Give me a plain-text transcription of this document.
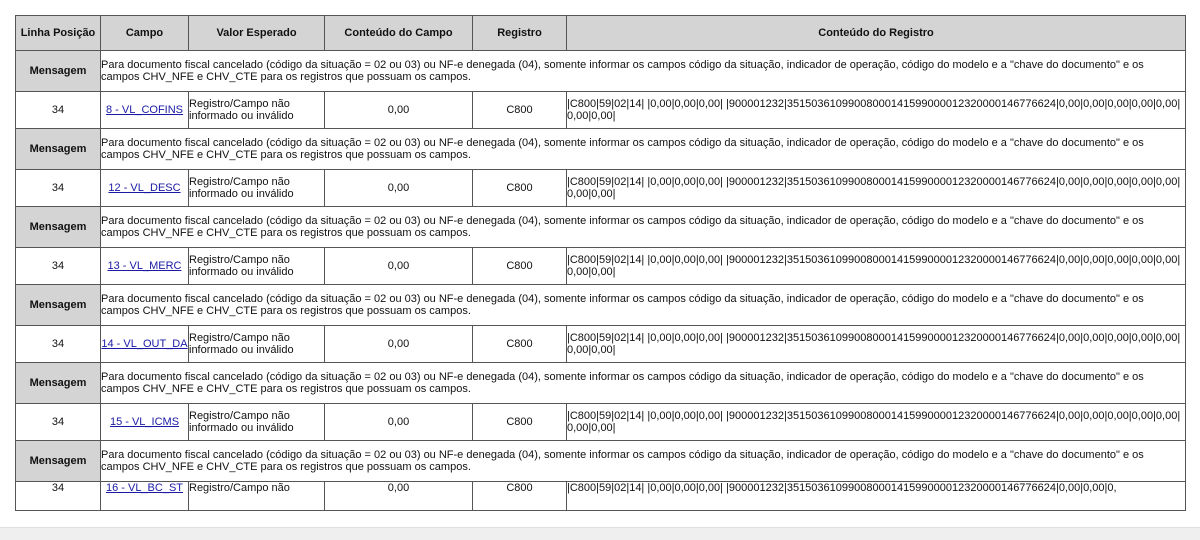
Linha Posição	Campo	Valor Esperado	Conteúdo do Campo	Registro	Conteúdo do Registro
Mensagem	Para documento fiscal cancelado (código da situação = 02 ou 03) ou NF-e denegada (04), somente informar os campos código da situação, indicador de operação, código do modelo e a "chave do documento" e os campos CHV_NFE e CHV_CTE para os registros que possuam os campos.				
34	8 - VL_COFINS	Registro/Campo não informado ou inválido	0,00	C800	|C800|59|02|14| |0,00|0,00|0,00| |900001232|35150361099008000141599000012320000146776624|0,00|0,00|0,00|0,00|0,00|0,00|0,00|
Mensagem	Para documento fiscal cancelado (código da situação = 02 ou 03) ou NF-e denegada (04), somente informar os campos código da situação, indicador de operação, código do modelo e a "chave do documento" e os campos CHV_NFE e CHV_CTE para os registros que possuam os campos.				
34	12 - VL_DESC	Registro/Campo não informado ou inválido	0,00	C800	|C800|59|02|14| |0,00|0,00|0,00| |900001232|35150361099008000141599000012320000146776624|0,00|0,00|0,00|0,00|0,00|0,00|0,00|
Mensagem	Para documento fiscal cancelado (código da situação = 02 ou 03) ou NF-e denegada (04), somente informar os campos código da situação, indicador de operação, código do modelo e a "chave do documento" e os campos CHV_NFE e CHV_CTE para os registros que possuam os campos.				
34	13 - VL_MERC	Registro/Campo não informado ou inválido	0,00	C800	|C800|59|02|14| |0,00|0,00|0,00| |900001232|35150361099008000141599000012320000146776624|0,00|0,00|0,00|0,00|0,00|0,00|0,00|
Mensagem	Para documento fiscal cancelado (código da situação = 02 ou 03) ou NF-e denegada (04), somente informar os campos código da situação, indicador de operação, código do modelo e a "chave do documento" e os campos CHV_NFE e CHV_CTE para os registros que possuam os campos.				
34	14 - VL_OUT_DA	Registro/Campo não informado ou inválido	0,00	C800	|C800|59|02|14| |0,00|0,00|0,00| |900001232|35150361099008000141599000012320000146776624|0,00|0,00|0,00|0,00|0,00|0,00|0,00|
Mensagem	Para documento fiscal cancelado (código da situação = 02 ou 03) ou NF-e denegada (04), somente informar os campos código da situação, indicador de operação, código do modelo e a "chave do documento" e os campos CHV_NFE e CHV_CTE para os registros que possuam os campos.				
34	15 - VL_ICMS	Registro/Campo não informado ou inválido	0,00	C800	|C800|59|02|14| |0,00|0,00|0,00| |900001232|35150361099008000141599000012320000146776624|0,00|0,00|0,00|0,00|0,00|0,00|0,00|
Mensagem	Para documento fiscal cancelado (código da situação = 02 ou 03) ou NF-e denegada (04), somente informar os campos código da situação, indicador de operação, código do modelo e a "chave do documento" e os campos CHV_NFE e CHV_CTE para os registros que possuam os campos.				
34	16 - VL_BC_ST	Registro/Campo não	0,00	C800	|C800|59|02|14| |0,00|0,00|0,00| |900001232|35150361099008000141599000012320000146776624|0,00|0,00|0,
